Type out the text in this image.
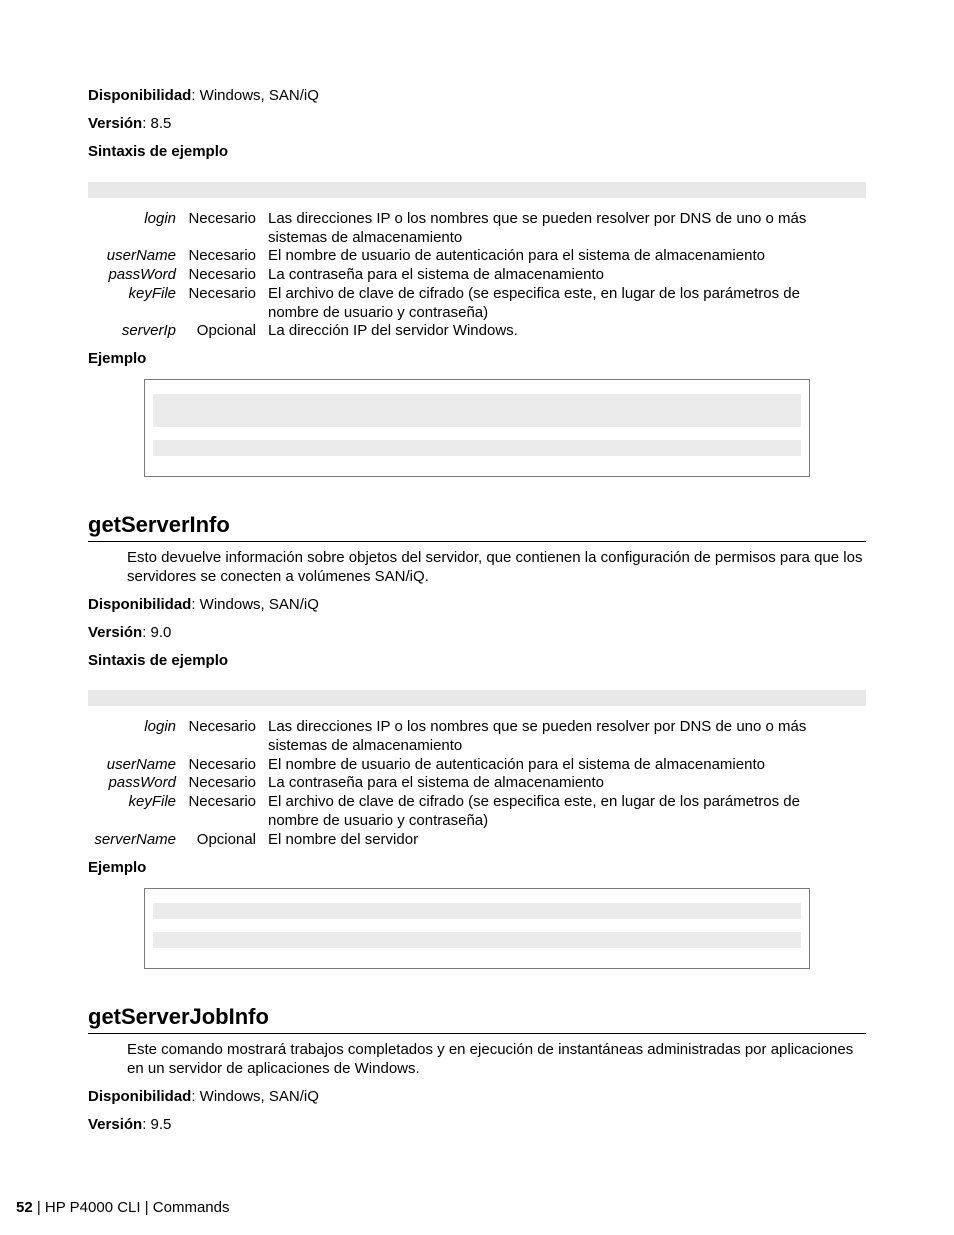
Disponibilidad: Windows, SAN/iQ
Versión: 8.5
Sintaxis de ejemplo
login Necesario Las direcciones IP o los nombres que se pueden resolver por DNS de uno o más sistemas de almacenamiento
userName Necesario El nombre de usuario de autenticación para el sistema de almacenamiento
passWord Necesario La contraseña para el sistema de almacenamiento
keyFile Necesario El archivo de clave de cifrado (se especifica este, en lugar de los parámetros de nombre de usuario y contraseña)
serverIp	Opcional La dirección IP del servidor Windows.
Ejemplo
getServerInfo
Esto devuelve información sobre objetos del servidor, que contienen la configuración de permisos para que los servidores se conecten a volúmenes SAN/iQ.
Disponibilidad: Windows, SAN/iQ
Versión: 9.0
Sintaxis de ejemplo
login Necesario Las direcciones IP o los nombres que se pueden resolver por DNS de uno o más sistemas de almacenamiento
userName Necesario El nombre de usuario de autenticación para el sistema de almacenamiento
passWord Necesario La contraseña para el sistema de almacenamiento
keyFile Necesario El archivo de clave de cifrado (se especifica este, en lugar de los parámetros de nombre de usuario y contraseña)
serverName	Opcional El nombre del servidor
Ejemplo
getServerJobInfo
Este comando mostrará trabajos completados y en ejecución de instantáneas administradas por aplicaciones en un servidor de aplicaciones de Windows.
Disponibilidad: Windows, SAN/iQ
Versión: 9.5
52 | HP P4000 CLI | Commands
